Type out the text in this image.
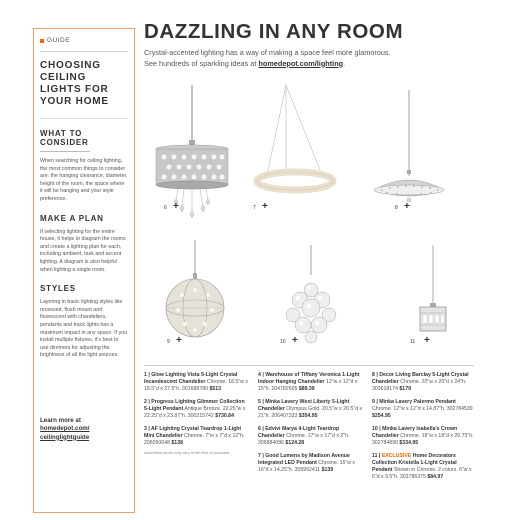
GUIDE
CHOOSING
CEILING
LIGHTS FOR
YOUR HOME
WHAT TO CONSIDER
When searching for ceiling lighting, the most common things to consider are: the hanging clearance, diameter, height of the room, the space where it will be hanging and your style preference.
MAKE A PLAN
If selecting lighting for the entire house, it helps to diagram the rooms and create a lighting plan for each, including ambient, task and accent lighting. A diagram is also helpful when lighting a single room.
STYLES
Layering in basic lighting styles like recessed, flush mount and fluorescent with chandeliers, pendants and track lights has a maximum impact in any space. If you install multiple fixtures, it's best to use dimmers for adjusting the brightness of all the light sources.
Learn more at
homedepot.com/
ceilinglightguide
DAZZLING IN ANY ROOM
Crystal-accented lighting has a way of making a space feel more glamorous.
See hundreds of sparkling ideas at homedepot.com/lighting.
6 +	7 +	8 +
9 +	10 +	11 +
1 | Glow Lighting Vista 9-Light Crystal Incandescent Chandelier Chrome. 18.5"w x 18.5"d x 27.5"h. 301688780 $513
2 | Progress Lighting Glimmer Collection 5-Light Pendant Antique Bronze. 22.25"w x 22.25"d x 23.87"h. 300215742 $730.84
3 | AF Lighting Crystal Teardrop 1-Light Mini Chandelier Chrome. 7"w x 7"d x 12"h. 206050048 $138
Advertised prices may vary at the time of purchase.
4 | Warehouse of Tiffany Veronica 1-Light Indoor Hanging Chandelier 12"w x 12"d x 15"h. 204782605 $89.39
5 | Minka Lavery West Liberty 5-Light Chandelier Olympus Gold. 20.5"w x 20.5"d x 21"h. 206407333 $354.95
6 | Edvivi Marya 4-Light Teardrop Chandelier Chrome. 17"w x 17"d x 2"h. 306884086 $124.28
7 | Good Lumens by Madison Avenue Integrated LED Pendant Chrome. 16"w x 16"d x 14.25"h. 309992411 $139
8 | Decor Living Barclay 5-Light Crystal Chandelier Chrome. 20"w x 20"d x 24"h. 303618174 $179
9 | Minka Lavery Palermo Pendant Chrome. 12"w x 12"d x 14.87"h. 302784539 $254.95
10 | Minka Lavery Isabella's Crown Chandelier Chrome. 18"w x 18"d x 20.75"h. 302784890 $334.95
11 | EXCLUSIVE Home Decorators Collection Kristella 1-Light Crystal Pendant Shown in Chrome. 2 colors. 6"w x 6"d x 9.5"h. 303786375 $84.97
